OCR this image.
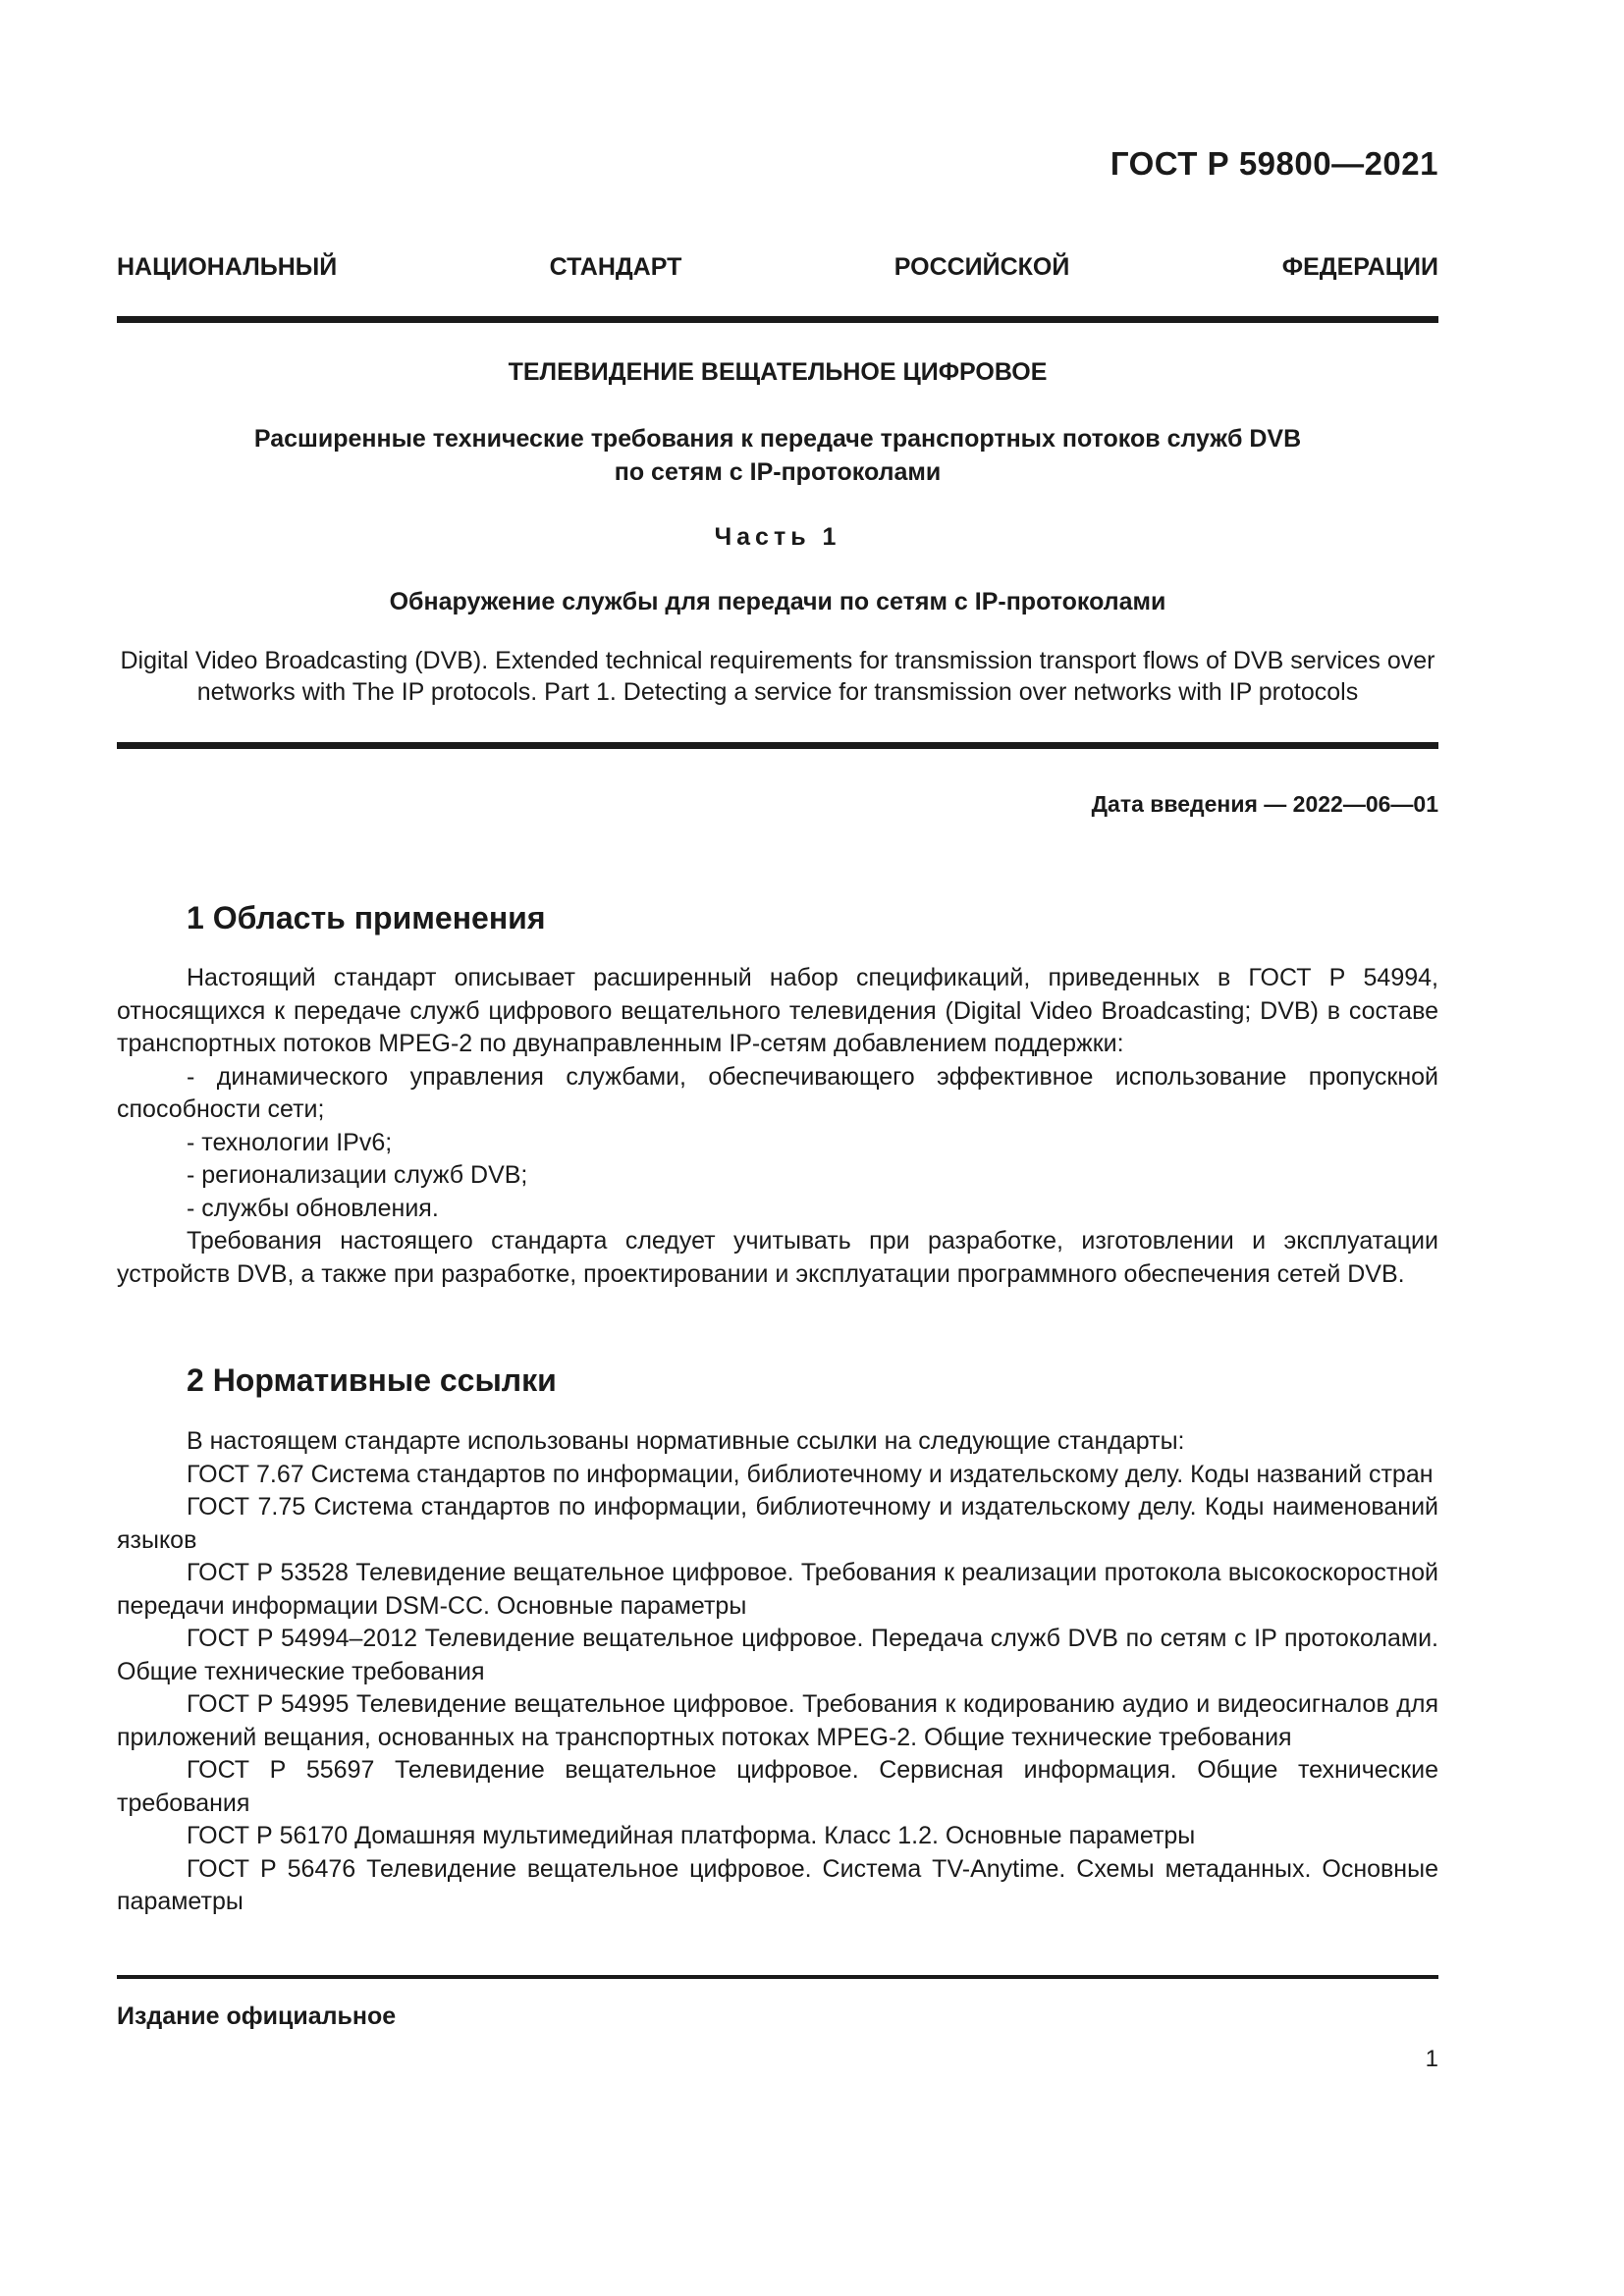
ГОСТ Р 59800—2021
НАЦИОНАЛЬНЫЙ СТАНДАРТ РОССИЙСКОЙ ФЕДЕРАЦИИ
ТЕЛЕВИДЕНИЕ ВЕЩАТЕЛЬНОЕ ЦИФРОВОЕ
Расширенные технические требования к передаче транспортных потоков служб DVB
по сетям с IP-протоколами
Часть 1
Обнаружение службы для передачи по сетям с IP-протоколами
Digital Video Broadcasting (DVB). Extended technical requirements for transmission transport flows of DVB services over
networks with The IP protocols. Part 1. Detecting a service for transmission over networks with IP protocols
Дата введения — 2022—06—01
1 Область применения

Настоящий стандарт описывает расширенный набор спецификаций, приведенных в ГОСТ Р 54994, относящихся к передаче служб цифрового вещательного телевидения (Digital Video Broadcasting; DVB) в составе транспортных потоков MPEG-2 по двунаправленным IP-сетям добавлением поддержки:

- динамического управления службами, обеспечивающего эффективное использование пропускной способности сети;

- технологии IPv6;

- регионализации служб DVB;

- службы обновления.

Требования настоящего стандарта следует учитывать при разработке, изготовлении и эксплуатации устройств DVB, а также при разработке, проектировании и эксплуатации программного обеспечения сетей DVB.

2 Нормативные ссылки

В настоящем стандарте использованы нормативные ссылки на следующие стандарты:

ГОСТ 7.67 Система стандартов по информации, библиотечному и издательскому делу. Коды названий стран

ГОСТ 7.75 Система стандартов по информации, библиотечному и издательскому делу. Коды наименований языков

ГОСТ Р 53528 Телевидение вещательное цифровое. Требования к реализации протокола высокоскоростной передачи информации DSM-CC. Основные параметры

ГОСТ Р 54994–2012 Телевидение вещательное цифровое. Передача служб DVB по сетям с IP протоколами. Общие технические требования

ГОСТ Р 54995 Телевидение вещательное цифровое. Требования к кодированию аудио и видеосигналов для приложений вещания, основанных на транспортных потоках MPEG-2. Общие технические требования

ГОСТ Р 55697 Телевидение вещательное цифровое. Сервисная информация. Общие технические требования

ГОСТ Р 56170 Домашняя мультимедийная платформа. Класс 1.2. Основные параметры

ГОСТ Р 56476 Телевидение вещательное цифровое. Система TV-Anytime. Схемы метаданных. Основные параметры

Издание официальное
1
